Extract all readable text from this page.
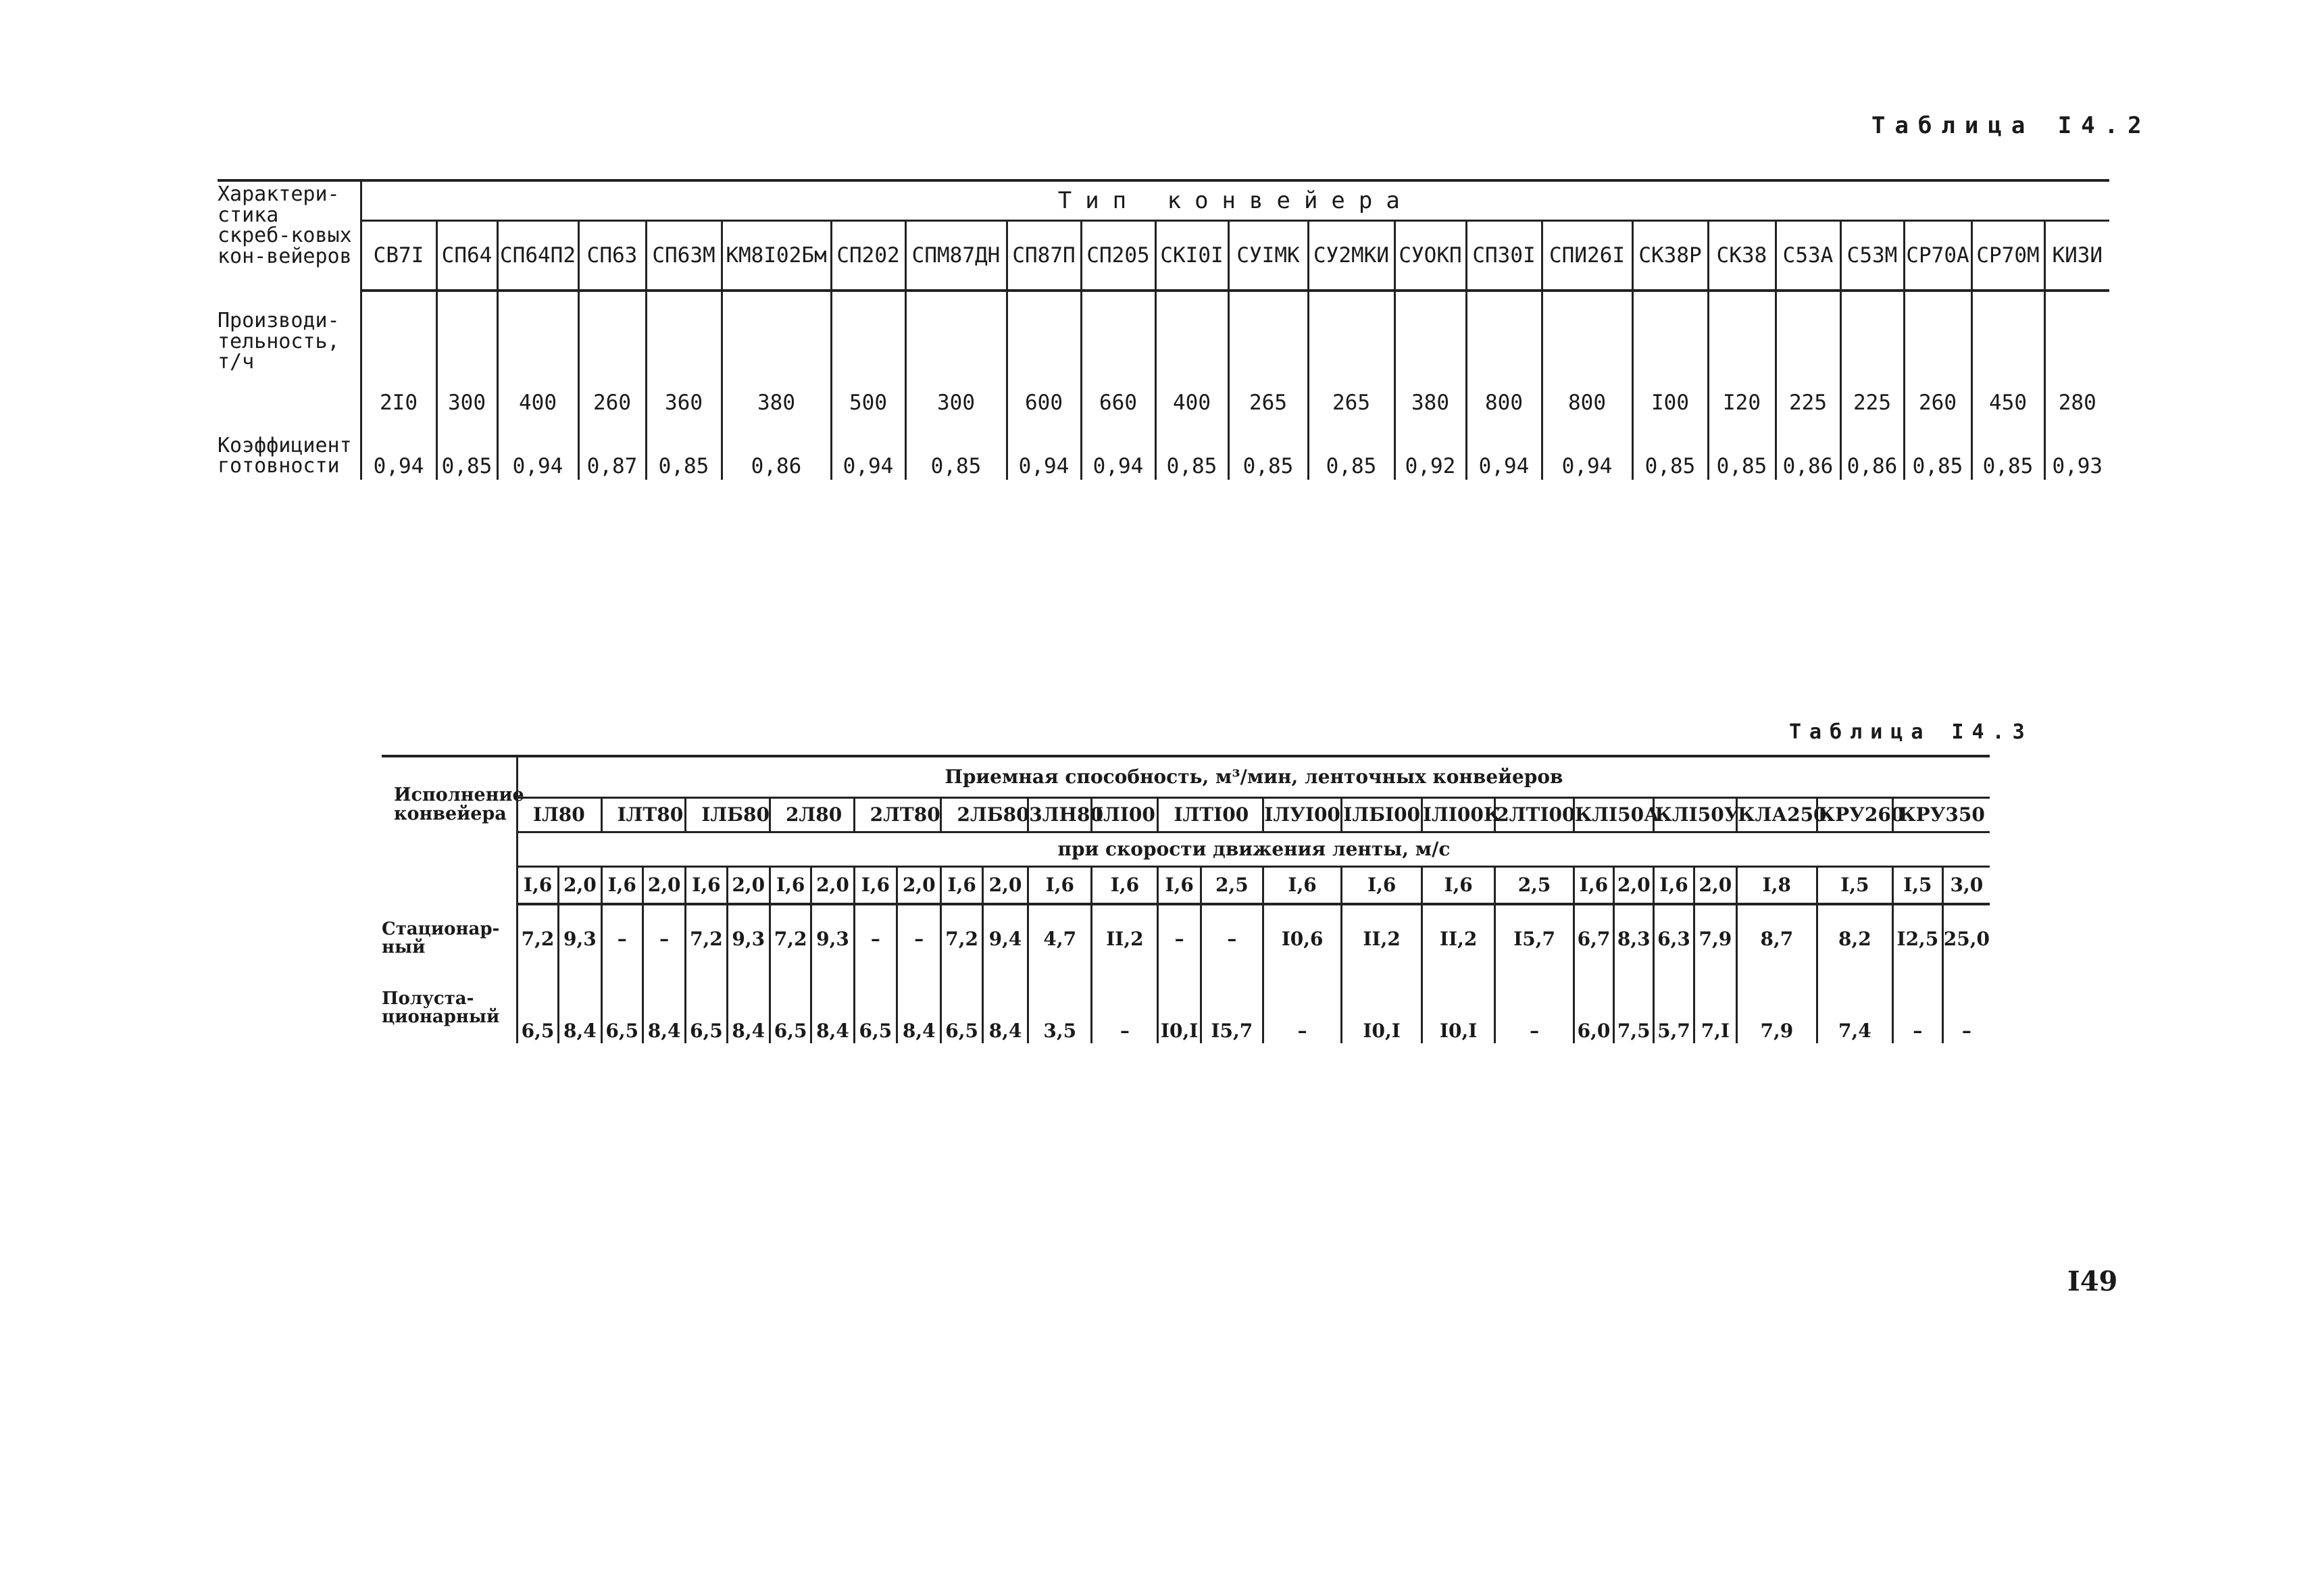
Таблица I4.2
Характери-стика скреб-ковых кон-вейеров	Тип конвейера																						
	СВ7I	СП64	СП64П2	СП63	СП63М	КМ8I02Бм	СП202	СПМ87ДН	СП87П	СП205	СКI0I	СУIМК	СУ2МКИ	СУОКП	СП30I	СПИ26I	СК38Р	СК38	С53А	С53М	СР70А	СР70М	КИЗИ
Производи-тельность, т/ч	2I0	300	400	260	360	380	500	300	600	660	400	265	265	380	800	800	I00	I20	225	225	260	450	280
Коэффициент готовности	0,94	0,85	0,94	0,87	0,85	0,86	0,94	0,85	0,94	0,94	0,85	0,85	0,85	0,92	0,94	0,94	0,85	0,85	0,86	0,86	0,85	0,85	0,93
Таблица I4.3
Исполнение конвейера	Приемная способность, м³/мин, ленточных конвейеров																											
	IЛ80		IЛТ80		IЛБ80		2Л80		2ЛТ80		2ЛБ80		3ЛН80	IЛI00	IЛТI00		IЛУI00	IЛБI00	IЛI00К	2ЛТI00	КЛI50А		КЛI50У		КЛА250	КРУ260	КРУ350	
	при скорости движения ленты, м/с																											
	I,6	2,0	I,6	2,0	I,6	2,0	I,6	2,0	I,6	2,0	I,6	2,0	I,6	I,6	I,6	2,5	I,6	I,6	I,6	2,5	I,6	2,0	I,6	2,0	I,8	I,5	I,5	3,0
Стационар-ный	7,2	9,3	–	–	7,2	9,3	7,2	9,3	–	–	7,2	9,4	4,7	II,2	–	–	I0,6	II,2	II,2	I5,7	6,7	8,3	6,3	7,9	8,7	8,2	I2,5	25,0
Полуста-ционарный	6,5	8,4	6,5	8,4	6,5	8,4	6,5	8,4	6,5	8,4	6,5	8,4	3,5	–	I0,I	I5,7	–	I0,I	I0,I	–	6,0	7,5	5,7	7,I	7,9	7,4	–	–
I49
